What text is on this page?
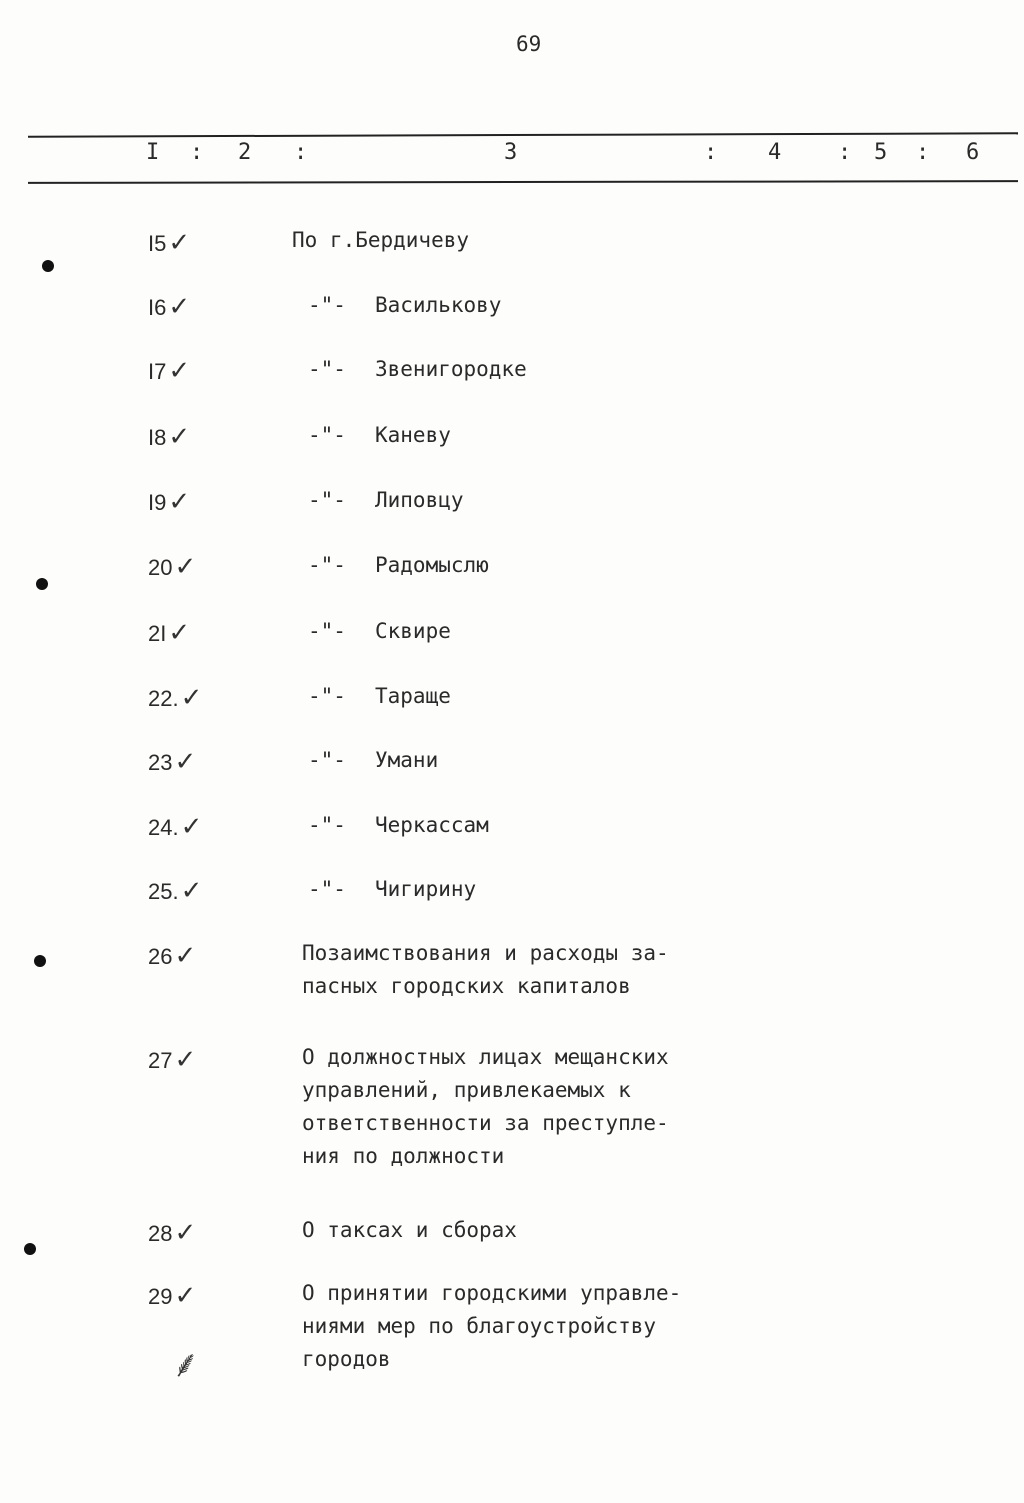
69
I : 2 :	3	: 4	: 5 : 6
I5✓	По г.Бердичеву
I6✓	-"- Василькову
I7✓	-"- Звенигородке
I8✓	-"- Каневу
I9✓	-"- Липовцу
20✓	-"- Радомыслю
2I✓	-"- Сквире
22.✓	-"- Тараще
23✓	-"- Умани
24.✓	-"- Черкассам
25.✓	-"- Чигирину
26✓	Позаимствования и расходы за-
пасных городских капиталов
27✓	О должностных лицах мещанских
управлений, привлекаемых к
ответственности за преступле-
ния по должности
28✓	О таксах и сборах
29✓	О принятии городскими управле-
ниями мер по благоустройству
городов
⸙
